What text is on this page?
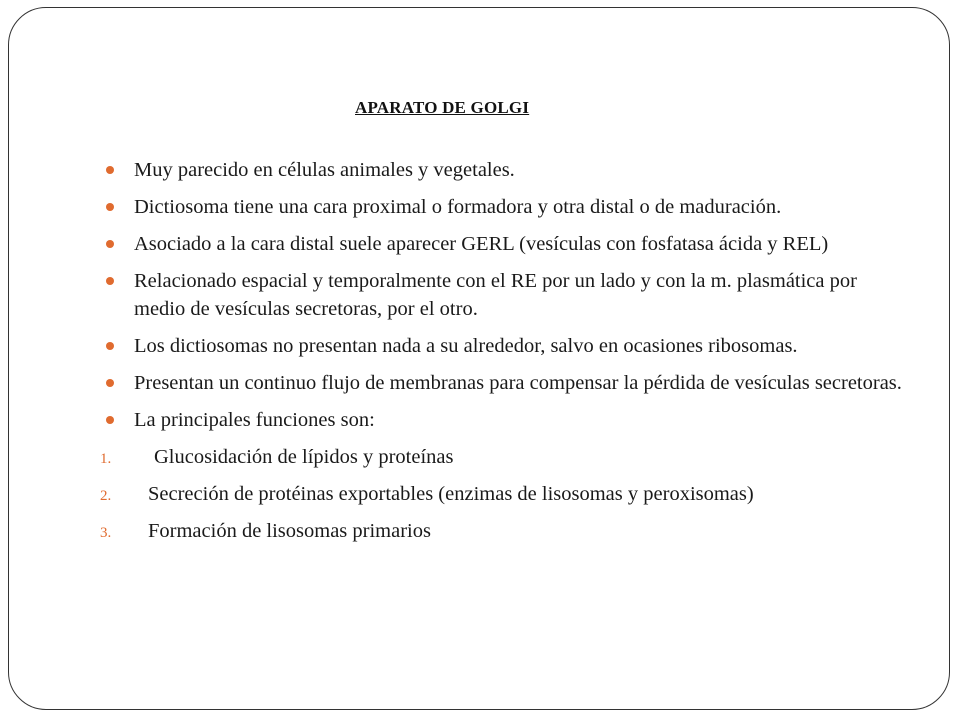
APARATO DE GOLGI
Muy parecido en células animales y vegetales.
Dictiosoma tiene una cara proximal o formadora y otra distal o de maduración.
Asociado a la cara distal suele aparecer GERL (vesículas con fosfatasa ácida y REL)
Relacionado espacial y temporalmente con el RE por un lado y con la m. plasmática por medio de vesículas secretoras, por el otro.
Los dictiosomas no presentan nada a su alrededor, salvo en ocasiones ribosomas.
Presentan un continuo flujo de membranas para compensar la pérdida de vesículas secretoras.
La principales funciones son:
1. Glucosidación de lípidos y proteínas
2. Secreción de protéinas exportables (enzimas de lisosomas y peroxisomas)
3. Formación de lisosomas primarios
